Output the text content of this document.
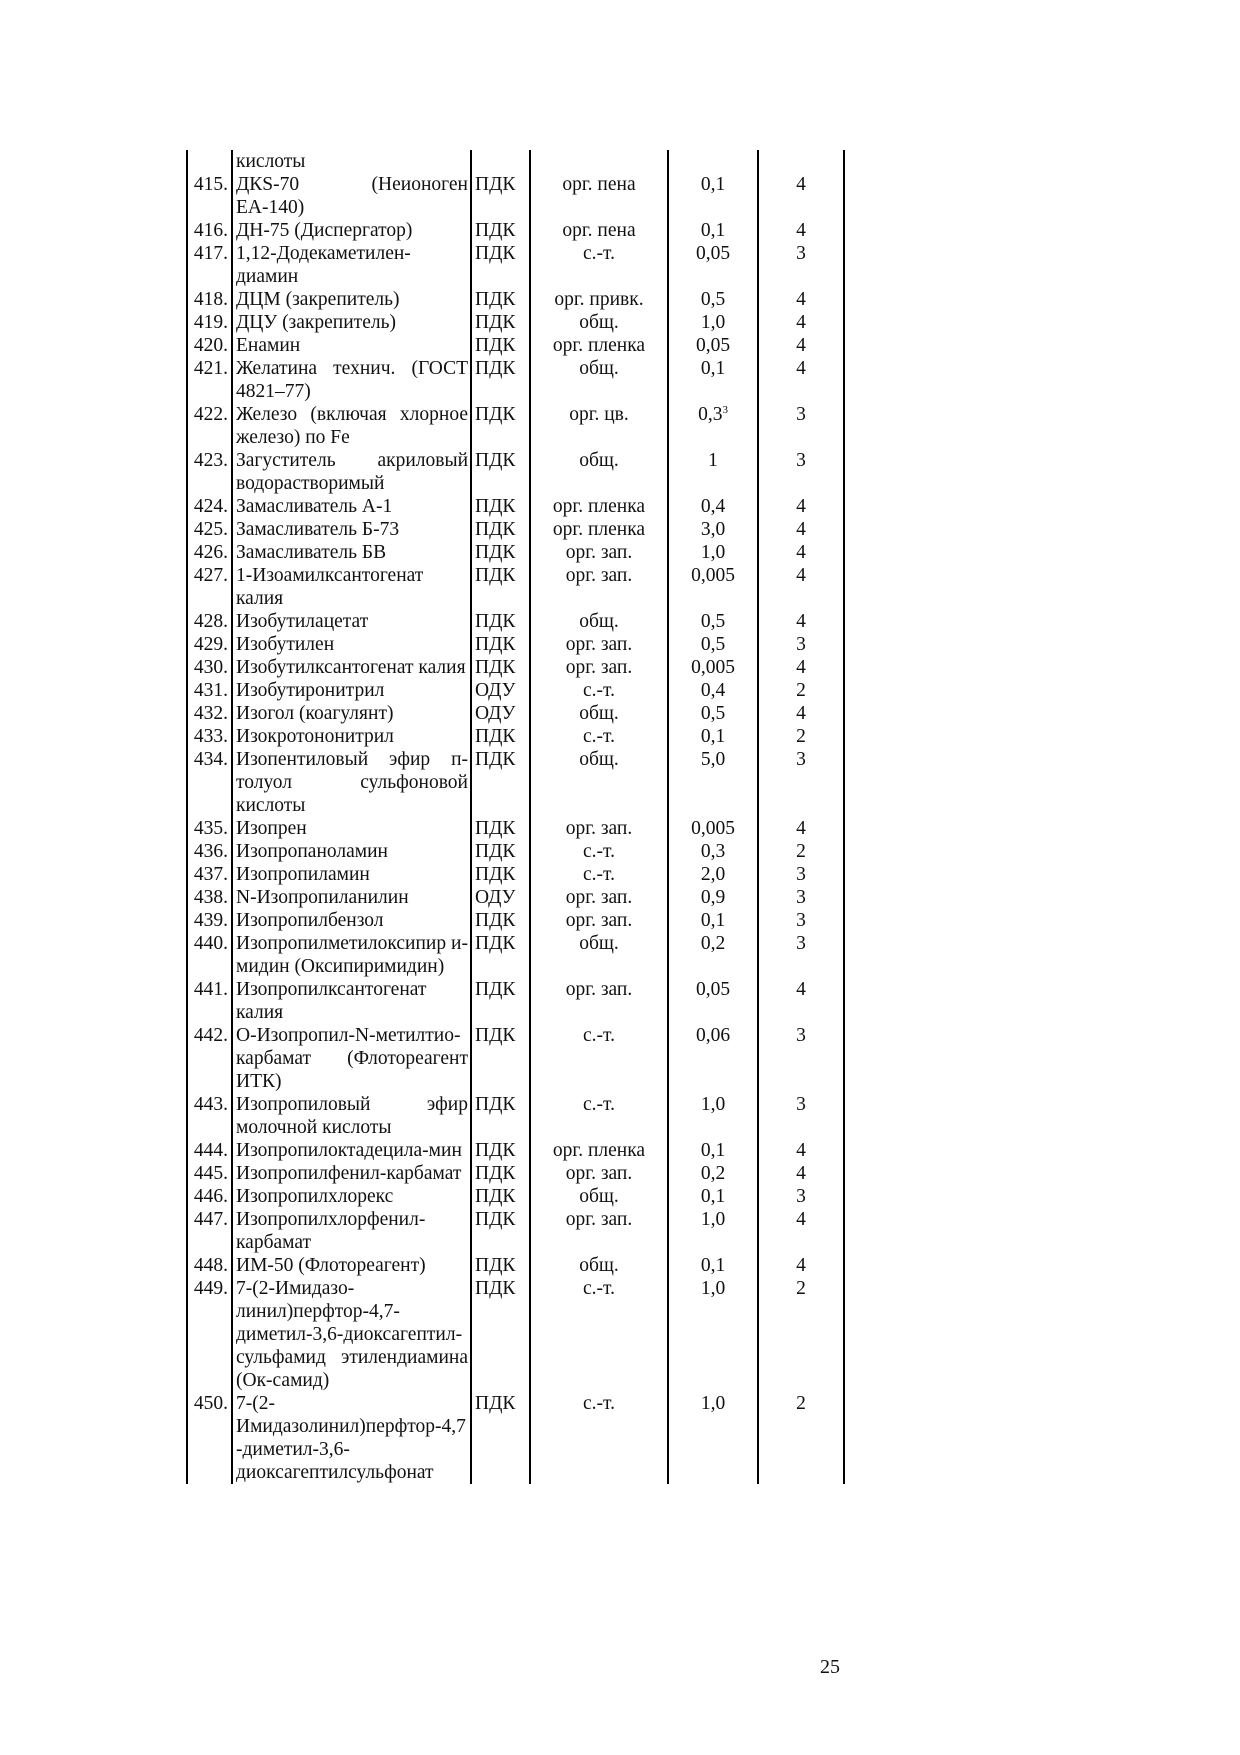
	кислоты				
415.	ДКS-70 (Неионоген ЕА-140)	ПДК	орг. пена	0,1	4
416.	ДН-75 (Диспергатор)	ПДК	орг. пена	0,1	4
417.	1,12-Додекаметилен-диамин	ПДК	с.-т.	0,05	3
418.	ДЦМ (закрепитель)	ПДК	орг. привк.	0,5	4
419.	ДЦУ (закрепитель)	ПДК	общ.	1,0	4
420.	Енамин	ПДК	орг. пленка	0,05	4
421.	Желатина технич. (ГОСТ 4821–77)	ПДК	общ.	0,1	4
422.	Железо (включая хлорное железо) по Fe	ПДК	орг. цв.	$0,3^3$	3
423.	Загуститель акриловый водорастворимый	ПДК	общ.	1	3
424.	Замасливатель А-1	ПДК	орг. пленка	0,4	4
425.	Замасливатель Б-73	ПДК	орг. пленка	3,0	4
426.	Замасливатель БВ	ПДК	орг. зап.	1,0	4
427.	1-Изоамилксантогенат калия	ПДК	орг. зап.	0,005	4
428.	Изобутилацетат	ПДК	общ.	0,5	4
429.	Изобутилен	ПДК	орг. зап.	0,5	3
430.	Изобутилксантогенат калия	ПДК	орг. зап.	0,005	4
431.	Изобутиронитрил	ОДУ	с.-т.	0,4	2
432.	Изогол (коагулянт)	ОДУ	общ.	0,5	4
433.	Изокротононитрил	ПДК	с.-т.	0,1	2
434.	Изопентиловый эфир п-толуол сульфоновой кислоты	ПДК	общ.	5,0	3
435.	Изопрен	ПДК	орг. зап.	0,005	4
436.	Изопропаноламин	ПДК	с.-т.	0,3	2
437.	Изопропиламин	ПДК	с.-т.	2,0	3
438.	N-Изопропиланилин	ОДУ	орг. зап.	0,9	3
439.	Изопропилбензол	ПДК	орг. зап.	0,1	3
440.	Изопропилметилоксипир и-мидин (Оксипиримидин)	ПДК	общ.	0,2	3
441.	Изопропилксантогенат калия	ПДК	орг. зап.	0,05	4
442.	О-Изопропил-N-метилтио-карбамат (Флотореагент ИТК)	ПДК	с.-т.	0,06	3
443.	Изопропиловый эфир молочной кислоты	ПДК	с.-т.	1,0	3
444.	Изопропилоктадецила-мин	ПДК	орг. пленка	0,1	4
445.	Изопропилфенил-карбамат	ПДК	орг. зап.	0,2	4
446.	Изопропилхлорекс	ПДК	общ.	0,1	3
447.	Изопропилхлорфенил-карбамат	ПДК	орг. зап.	1,0	4
448.	ИМ-50 (Флотореагент)	ПДК	общ.	0,1	4
449.	7-(2-Имидазо-линил)перфтор-4,7-диметил-3,6-диоксагептил-сульфамид этилендиамина (Ок-самид)	ПДК	с.-т.	1,0	2
450.	7-(2-Имидазолинил)перфтор-4,7-диметил-3,6-диоксагептилсульфонат	ПДК	с.-т.	1,0	2
25
